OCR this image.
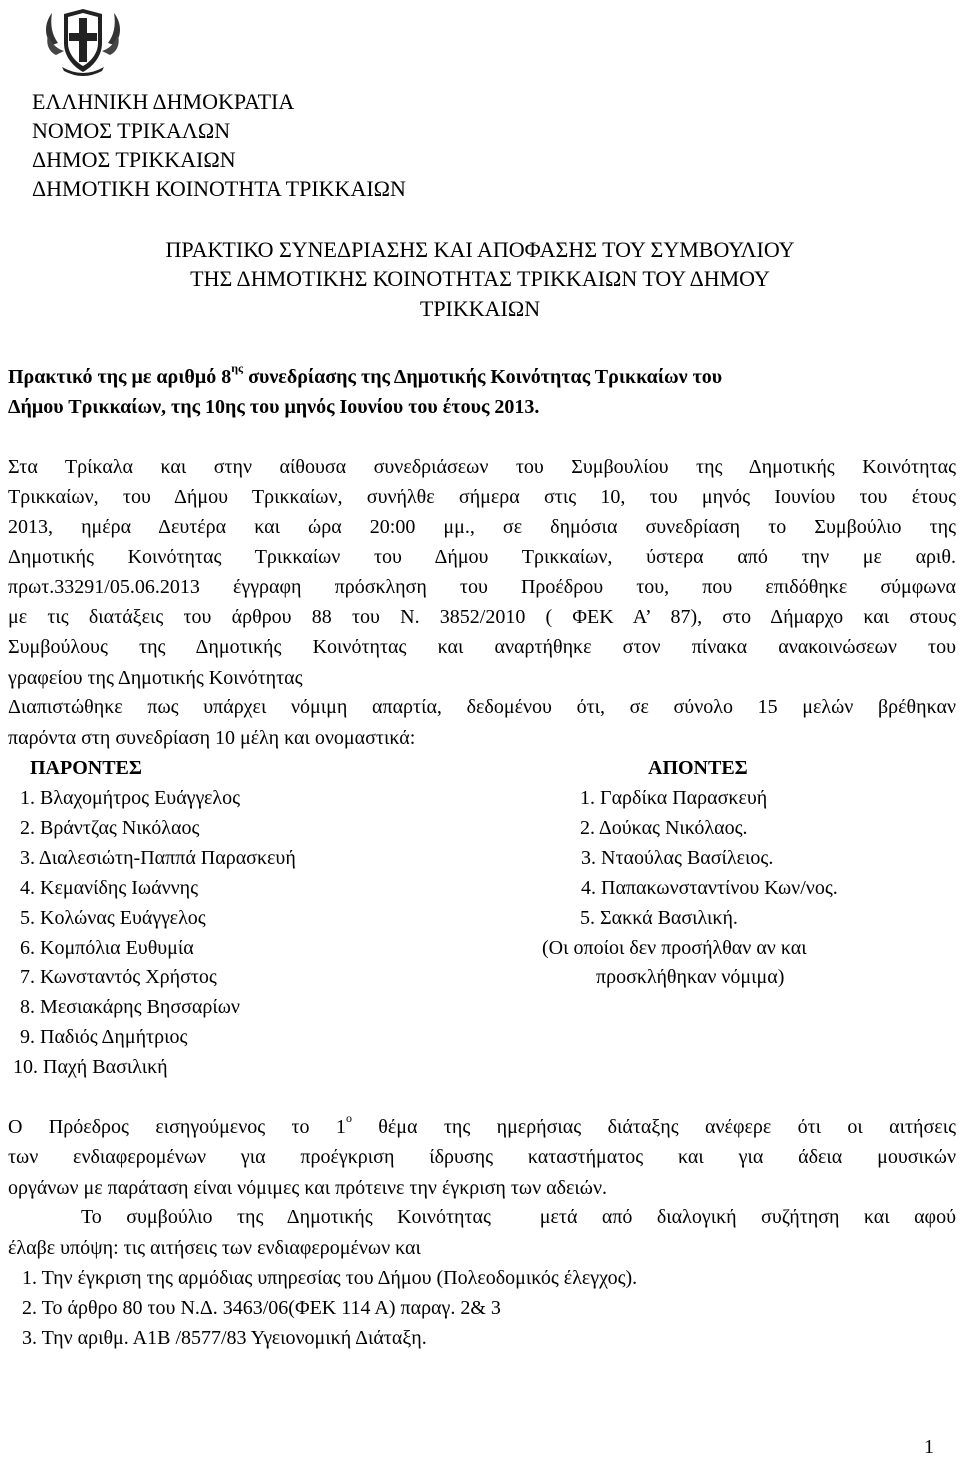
ΕΛΛΗΝΙΚΗ ΔΗΜΟΚΡΑΤΙΑ
ΝΟΜΟΣ ΤΡΙΚΑΛΩΝ
ΔΗΜΟΣ ΤΡΙΚΚΑΙΩΝ
ΔΗΜΟΤΙΚΗ ΚΟΙΝΟΤΗΤΑ ΤΡΙΚΚΑΙΩΝ
ΠΡΑΚΤΙΚΟ ΣΥΝΕΔΡΙΑΣΗΣ ΚΑΙ ΑΠΟΦΑΣΗΣ ΤΟΥ ΣΥΜΒΟΥΛΙΟΥ
ΤΗΣ ΔΗΜΟΤΙΚΗΣ ΚΟΙΝΟΤΗΤΑΣ ΤΡΙΚΚΑΙΩΝ ΤΟΥ ΔΗΜΟΥ
ΤΡΙΚΚΑΙΩΝ
Πρακτικό της με αριθμό $8^{\eta\varsigma}$ συνεδρίασης της Δημοτικής Κοινότητας Τρικκαίων του
Δήμου Τρικκαίων, της 10ης του μηνός Ιουνίου του έτους 2013.
Στα Τρίκαλα και στην αίθουσα συνεδριάσεων του Συμβουλίου της Δημοτικής Κοινότητας
Τρικκαίων, του Δήμου Τρικκαίων, συνήλθε σήμερα στις 10, του μηνός Ιουνίου του έτους
2013, ημέρα Δευτέρα και ώρα 20:00 μμ., σε δημόσια συνεδρίαση το Συμβούλιο της
Δημοτικής Κοινότητας Τρικκαίων του Δήμου Τρικκαίων, ύστερα από την με αριθ.
πρωτ.33291/05.06.2013 έγγραφη πρόσκληση του Προέδρου του, που επιδόθηκε σύμφωνα
με τις διατάξεις του άρθρου 88 του Ν. 3852/2010 ( ΦΕΚ Α’ 87), στο Δήμαρχο και στους
Συμβούλους της Δημοτικής Κοινότητας και αναρτήθηκε στον πίνακα ανακοινώσεων του
γραφείου της Δημοτικής Κοινότητας
Διαπιστώθηκε πως υπάρχει νόμιμη απαρτία, δεδομένου ότι, σε σύνολο 15 μελών βρέθηκαν
παρόντα στη συνεδρίαση 10 μέλη και ονομαστικά:
ΠΑΡΟΝΤΕΣ
1. Βλαχομήτρος Ευάγγελος
2. Βράντζας Νικόλαος
3. Διαλεσιώτη-Παππά Παρασκευή
4. Κεμανίδης Ιωάννης
5. Κολώνας Ευάγγελος
6. Κομπόλια Ευθυμία
7. Κωνσταντός Χρήστος
8. Μεσιακάρης Βησσαρίων
9. Παδιός Δημήτριος
10. Παχή Βασιλική
ΑΠΟΝΤΕΣ
1. Γαρδίκα Παρασκευή
2. Δούκας Νικόλαος.
3. Νταούλας Βασίλειος.
4. Παπακωνσταντίνου Κων/νος.
5. Σακκά Βασιλική.
(Οι οποίοι δεν προσήλθαν αν και
προσκλήθηκαν νόμιμα)
Ο Πρόεδρος εισηγούμενος το $1^o$ θέμα της ημερήσιας διάταξης ανέφερε ότι οι αιτήσεις
των ενδιαφερομένων για προέγκριση ίδρυσης καταστήματος και για άδεια μουσικών
οργάνων με παράταση είναι νόμιμες και πρότεινε την έγκριση των αδειών.
Το συμβούλιο της Δημοτικής Κοινότητας  μετά από διαλογική συζήτηση και αφού
έλαβε υπόψη: τις αιτήσεις των ενδιαφερομένων και
1. Την έγκριση της αρμόδιας υπηρεσίας του Δήμου (Πολεοδομικός έλεγχος).
2. Το άρθρο 80 του Ν.Δ. 3463/06(ΦΕΚ 114 Α) παραγ. 2& 3
3. Την αριθμ. Α1Β /8577/83 Υγειονομική Διάταξη.
1
